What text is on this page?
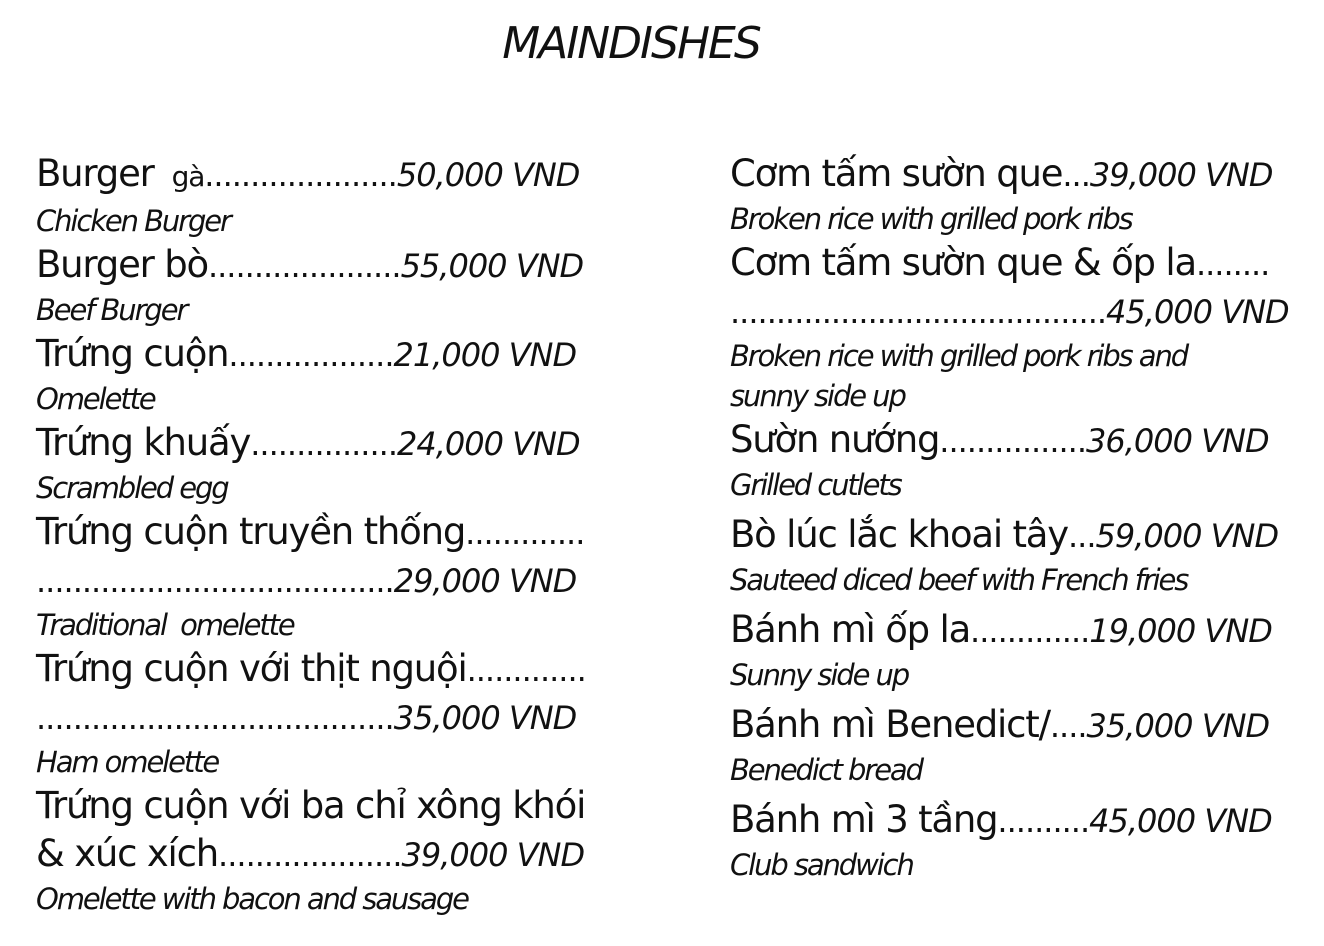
MAINDISHES
Burger gà ..................... 50,000 VND
Chicken Burger
Burger bò ..................... 55,000 VND
Beef Burger
Trứng cuộn .................. 21,000 VND
Omelette
Trứng khuấy ................ 24,000 VND
Scrambled egg
Trứng cuộn truyền thống .............
....................................... 29,000 VND
Traditional  omelette
Trứng cuộn với thịt nguội .............
....................................... 35,000 VND
Ham omelette
Trứng cuộn với ba chỉ xông khói
& xúc xích .................... 39,000 VND
Omelette with bacon and sausage
Cơm tấm sườn que ... 39,000 VND
Broken rice with grilled pork ribs
Cơm tấm sườn que & ốp la ........
......................................... 45,000 VND
Broken rice with grilled pork ribs and
sunny side up
Sườn nướng ................ 36,000 VND
Grilled cutlets
Bò lúc lắc khoai tây ... 59,000 VND
Sauteed diced beef with French fries
Bánh mì ốp la ............. 19,000 VND
Sunny side up
Bánh mì Benedict/ .... 35,000 VND
Benedict bread
Bánh mì 3 tầng .......... 45,000 VND
Club sandwich
